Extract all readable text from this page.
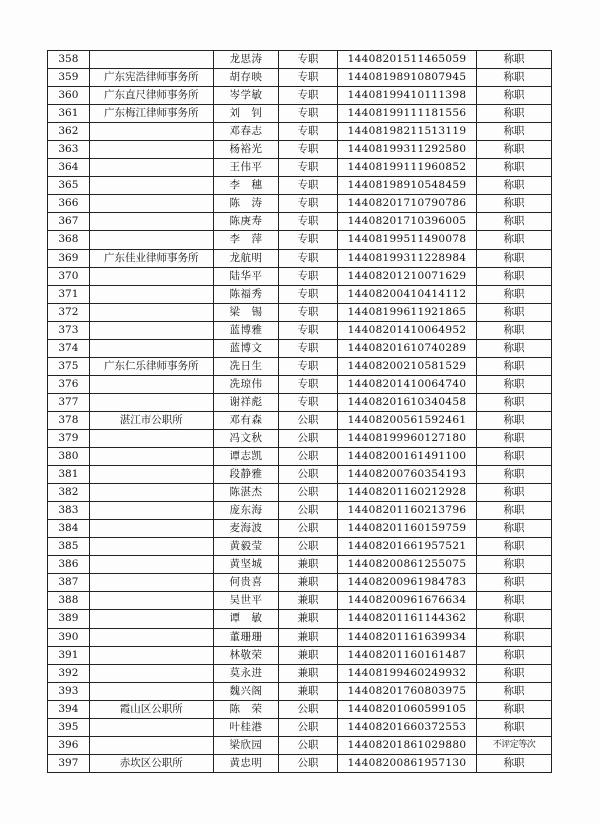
358		龙思涛	专职	14408201511465059	称职
359	广东宪浩律师事务所	胡存映	专职	14408198910807945	称职
360	广东直尺律师事务所	岑学敏	专职	14408199410111398	称职
361	广东梅江律师事务所	刘　钊	专职	14408199111181556	称职
362		邓春志	专职	14408198211513119	称职
363		杨裕光	专职	14408199311292580	称职
364		王伟平	专职	14408199111960852	称职
365		李　穗	专职	14408198910548459	称职
366		陈　涛	专职	14408201710790786	称职
367		陈庚寿	专职	14408201710396005	称职
368		李　萍	专职	14408199511490078	称职
369	广东佳业律师事务所	龙航明	专职	14408199311228984	称职
370		陆华平	专职	14408201210071629	称职
371		陈福秀	专职	14408200410414112	称职
372		梁　锡	专职	14408199611921865	称职
373		蓝博雅	专职	14408201410064952	称职
374		蓝博文	专职	14408201610740289	称职
375	广东仁乐律师事务所	冼日生	专职	14408200210581529	称职
376		冼琼伟	专职	14408201410064740	称职
377		谢祥彪	专职	14408201610340458	称职
378	湛江市公职所	邓有森	公职	14408200561592461	称职
379		冯文秋	公职	14408199960127180	称职
380		谭志凯	公职	14408200161491100	称职
381		段静雅	公职	14408200760354193	称职
382		陈湛杰	公职	14408201160212928	称职
383		庞东海	公职	14408201160213796	称职
384		麦海波	公职	14408201160159759	称职
385		黄毅莹	公职	14408201661957521	称职
386		黄坚城	兼职	14408200861255075	称职
387		何贵喜	兼职	14408200961984783	称职
388		吴世平	兼职	14408200961676634	称职
389		谭　敏	兼职	14408201161144362	称职
390		董珊珊	兼职	14408201161639934	称职
391		林敬荣	兼职	14408201160161487	称职
392		莫永进	兼职	14408199460249932	称职
393		魏兴阁	兼职	14408201760803975	称职
394	霞山区公职所	陈　荣	公职	14408201060599105	称职
395		叶桂港	公职	14408201660372553	称职
396		梁欣园	公职	14408201861029880	不评定等次
397	赤坎区公职所	黄忠明	公职	14408200861957130	称职
